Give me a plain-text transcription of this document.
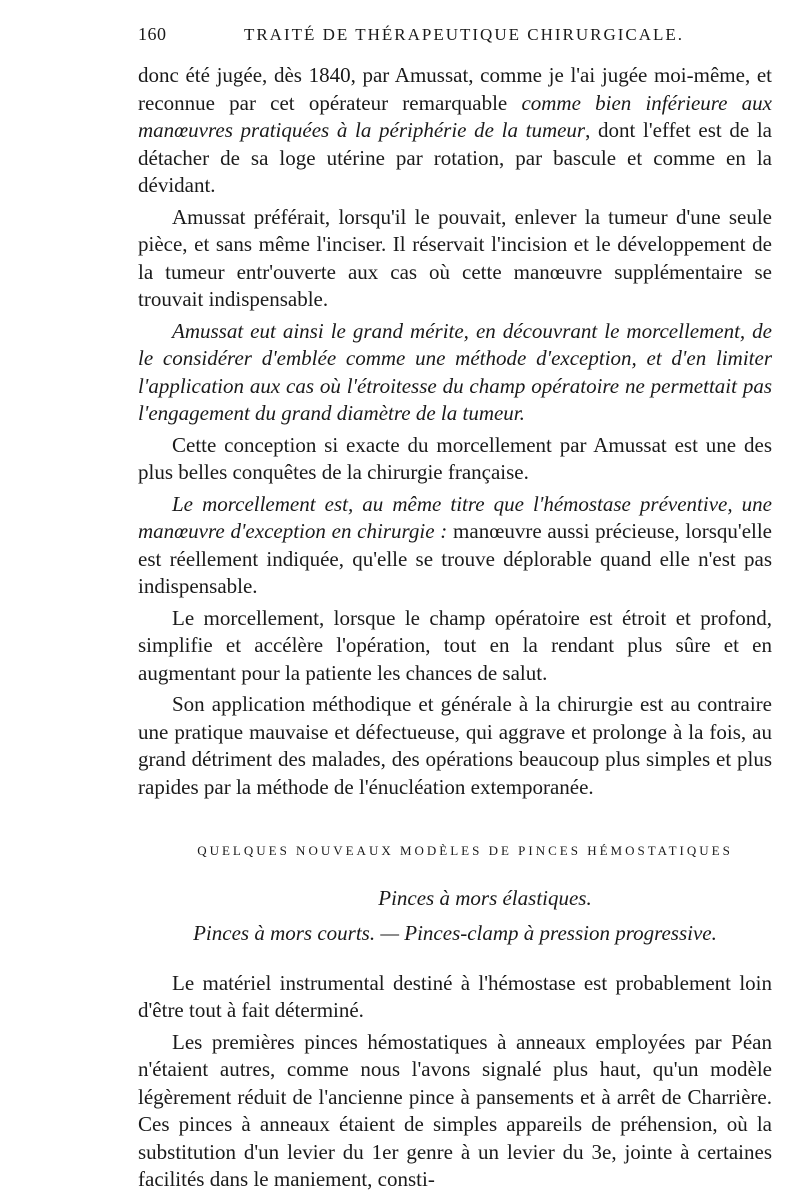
160	TRAITÉ DE THÉRAPEUTIQUE CHIRURGICALE.

donc été jugée, dès 1840, par Amussat, comme je l'ai jugée moi-même, et reconnue par cet opérateur remarquable comme bien inférieure aux manœuvres pratiquées à la périphérie de la tumeur, dont l'effet est de la détacher de sa loge utérine par rotation, par bascule et comme en la dévidant.

Amussat préférait, lorsqu'il le pouvait, enlever la tumeur d'une seule pièce, et sans même l'inciser. Il réservait l'incision et le développement de la tumeur entr'ouverte aux cas où cette manœuvre supplémentaire se trouvait indispensable.

Amussat eut ainsi le grand mérite, en découvrant le morcellement, de le considérer d'emblée comme une méthode d'exception, et d'en limiter l'application aux cas où l'étroitesse du champ opératoire ne permettait pas l'engagement du grand diamètre de la tumeur.

Cette conception si exacte du morcellement par Amussat est une des plus belles conquêtes de la chirurgie française.

Le morcellement est, au même titre que l'hémostase préventive, une manœuvre d'exception en chirurgie : manœuvre aussi précieuse, lorsqu'elle est réellement indiquée, qu'elle se trouve déplorable quand elle n'est pas indispensable.

Le morcellement, lorsque le champ opératoire est étroit et profond, simplifie et accélère l'opération, tout en la rendant plus sûre et en augmentant pour la patiente les chances de salut.

Son application méthodique et générale à la chirurgie est au contraire une pratique mauvaise et défectueuse, qui aggrave et prolonge à la fois, au grand détriment des malades, des opérations beaucoup plus simples et plus rapides par la méthode de l'énucléation extemporanée.

QUELQUES NOUVEAUX MODÈLES DE PINCES HÉMOSTATIQUES
Pinces à mors élastiques.
Pinces à mors courts. — Pinces-clamp à pression progressive.

Le matériel instrumental destiné à l'hémostase est probablement loin d'être tout à fait déterminé.

Les premières pinces hémostatiques à anneaux employées par Péan n'étaient autres, comme nous l'avons signalé plus haut, qu'un modèle légèrement réduit de l'ancienne pince à pansements et à arrêt de Charrière. Ces pinces à anneaux étaient de simples appareils de préhension, où la substitution d'un levier du 1er genre à un levier du 3e, jointe à certaines facilités dans le maniement, consti-
